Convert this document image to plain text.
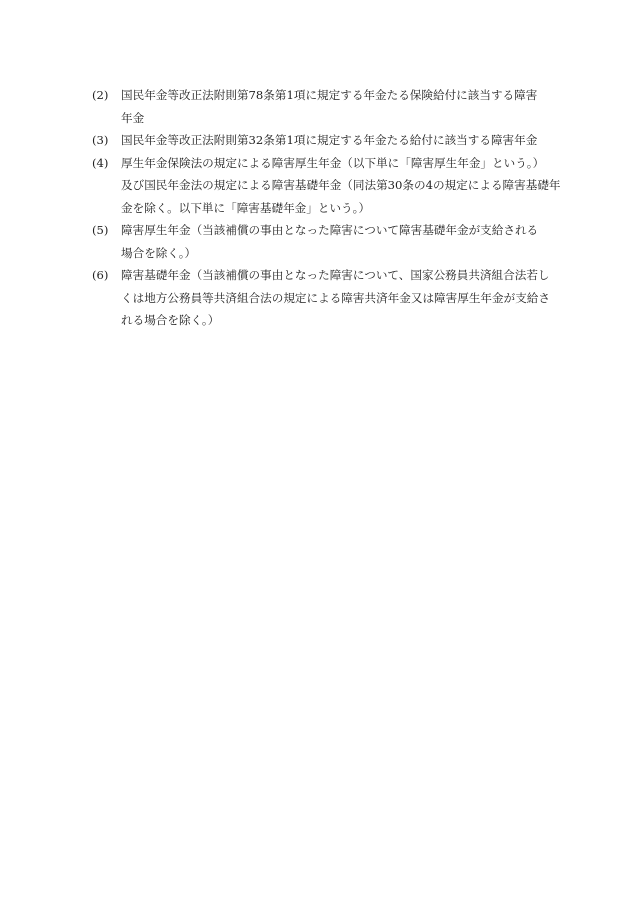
(2)	国民年金等改正法附則第78条第1項に規定する年金たる保険給付に該当する障害
年金
(3)	国民年金等改正法附則第32条第1項に規定する年金たる給付に該当する障害年金
(4)	厚生年金保険法の規定による障害厚生年金（以下単に「障害厚生年金」という。）
及び国民年金法の規定による障害基礎年金（同法第30条の4の規定による障害基礎年
金を除く。以下単に「障害基礎年金」という。）
(5)	障害厚生年金（当該補償の事由となった障害について障害基礎年金が支給される
場合を除く。）
(6)	障害基礎年金（当該補償の事由となった障害について、国家公務員共済組合法若し
くは地方公務員等共済組合法の規定による障害共済年金又は障害厚生年金が支給さ
れる場合を除く。）
